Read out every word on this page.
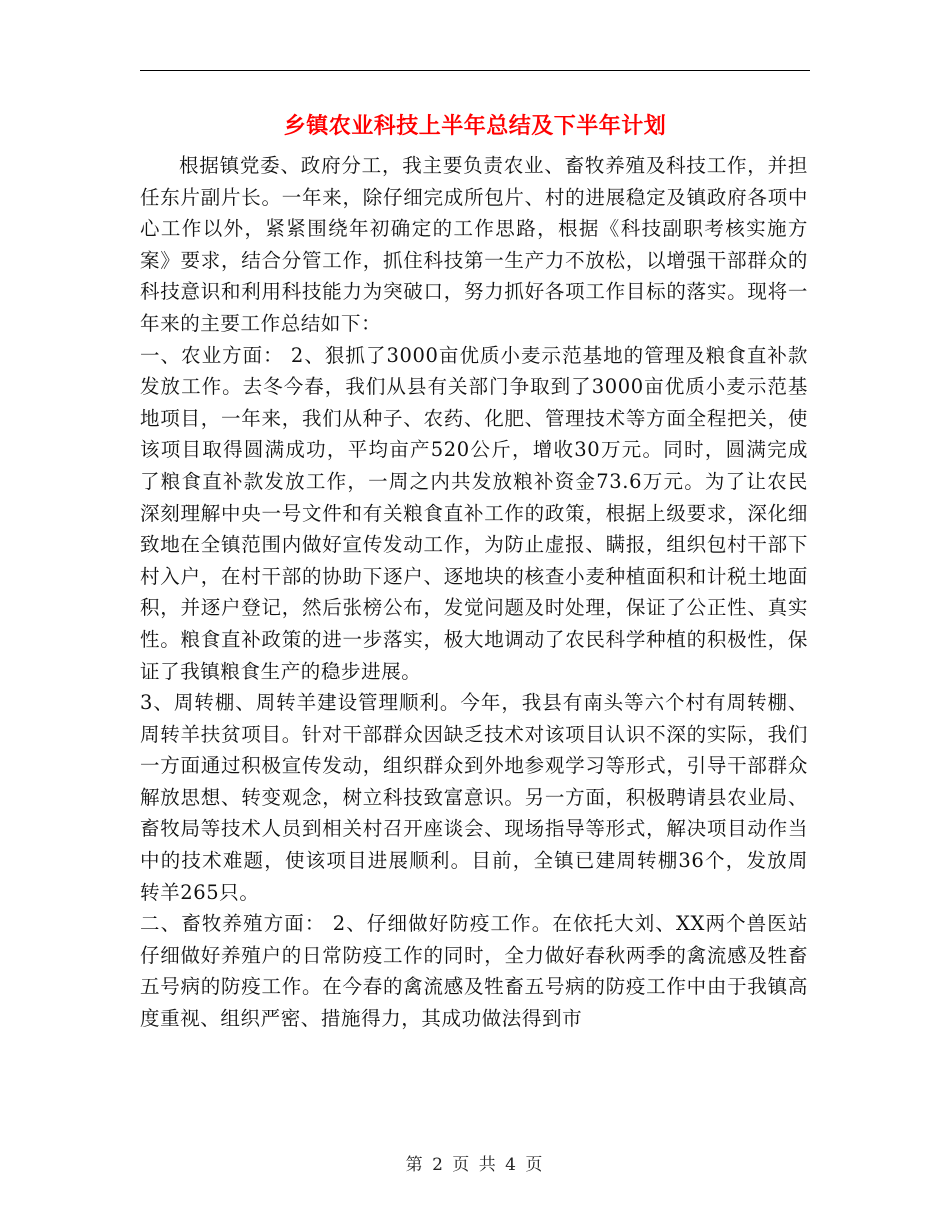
乡镇农业科技上半年总结及下半年计划

根据镇党委、政府分工，我主要负责农业、畜牧养殖及科技工作，并担任东片副片长。一年来，除仔细完成所包片、村的进展稳定及镇政府各项中心工作以外，紧紧围绕年初确定的工作思路，根据《科技副职考核实施方案》要求，结合分管工作，抓住科技第一生产力不放松，以增强干部群众的科技意识和利用科技能力为突破口，努力抓好各项工作目标的落实。现将一年来的主要工作总结如下：

一、农业方面： 2、狠抓了3000亩优质小麦示范基地的管理及粮食直补款发放工作。去冬今春，我们从县有关部门争取到了3000亩优质小麦示范基地项目，一年来，我们从种子、农药、化肥、管理技术等方面全程把关，使该项目取得圆满成功，平均亩产520公斤，增收30万元。同时，圆满完成了粮食直补款发放工作，一周之内共发放粮补资金73.6万元。为了让农民深刻理解中央一号文件和有关粮食直补工作的政策，根据上级要求，深化细致地在全镇范围内做好宣传发动工作，为防止虚报、瞒报，组织包村干部下村入户，在村干部的协助下逐户、逐地块的核查小麦种植面积和计税土地面积，并逐户登记，然后张榜公布，发觉问题及时处理，保证了公正性、真实性。粮食直补政策的进一步落实，极大地调动了农民科学种植的积极性，保证了我镇粮食生产的稳步进展。

3、周转棚、周转羊建设管理顺利。今年，我县有南头等六个村有周转棚、周转羊扶贫项目。针对干部群众因缺乏技术对该项目认识不深的实际，我们一方面通过积极宣传发动，组织群众到外地参观学习等形式，引导干部群众解放思想、转变观念，树立科技致富意识。另一方面，积极聘请县农业局、畜牧局等技术人员到相关村召开座谈会、现场指导等形式，解决项目动作当中的技术难题，使该项目进展顺利。目前，全镇已建周转棚36个，发放周转羊265只。

二、畜牧养殖方面： 2、仔细做好防疫工作。在依托大刘、XX两个兽医站仔细做好养殖户的日常防疫工作的同时，全力做好春秋两季的禽流感及牲畜五号病的防疫工作。在今春的禽流感及牲畜五号病的防疫工作中由于我镇高度重视、组织严密、措施得力，其成功做法得到市

第 2 页 共 4 页
